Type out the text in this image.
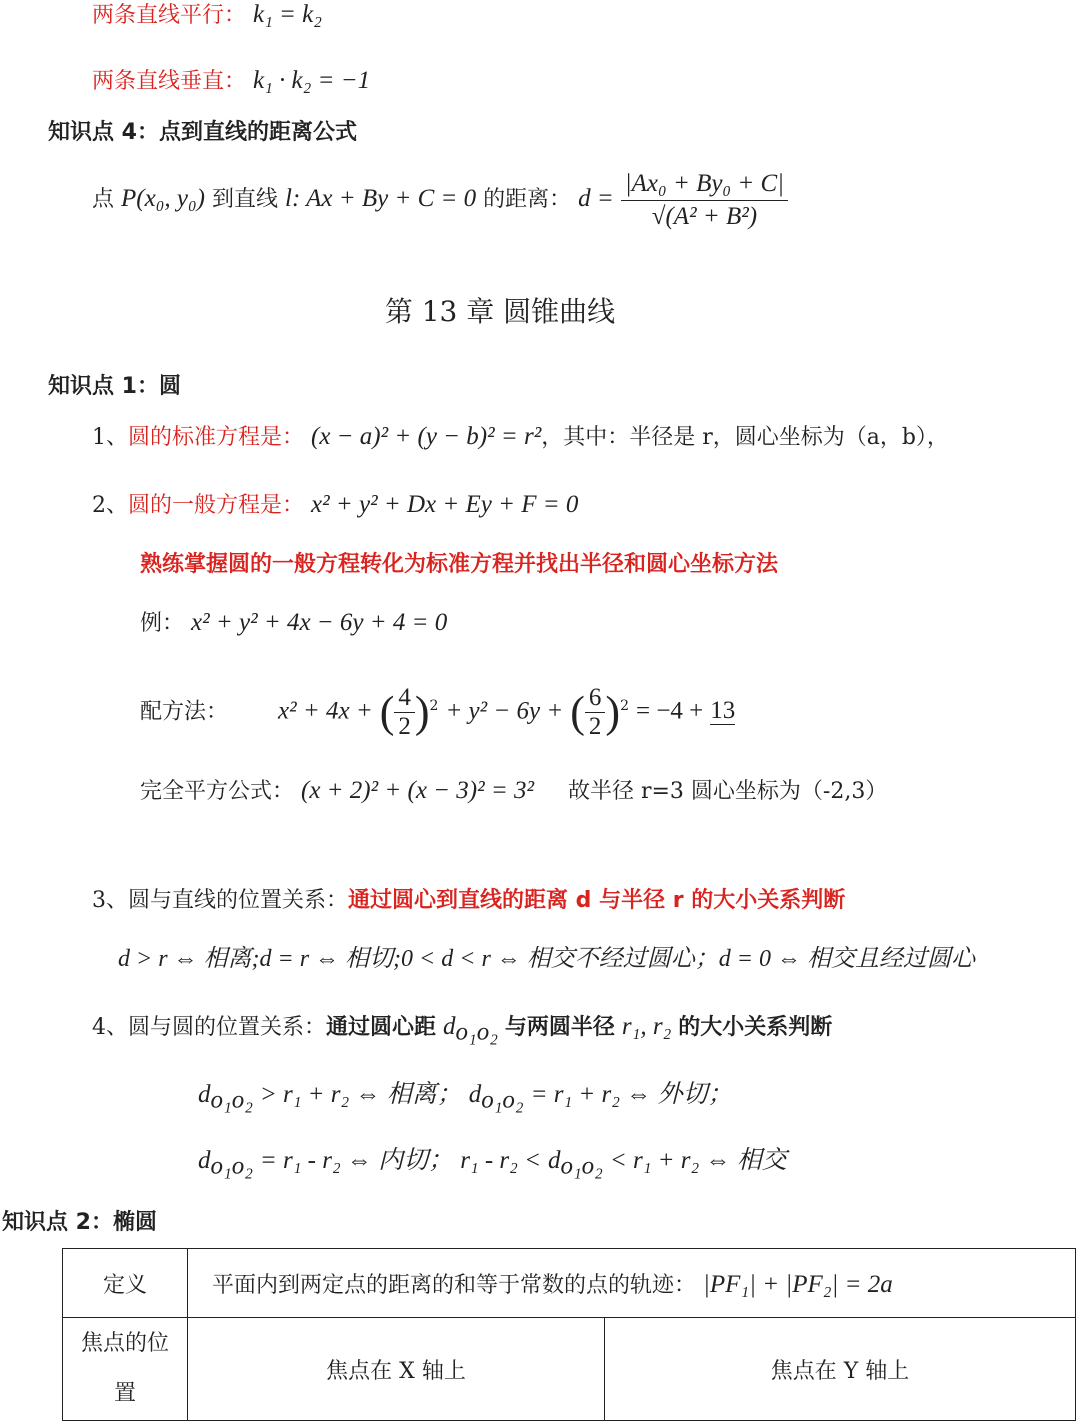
两条直线平行： k₁ = k₂
两条直线垂直： k₁ · k₂ = −1
知识点 4：点到直线的距离公式
点 P(x₀, y₀) 到直线 l: Ax + By + C = 0 的距离： $d = \frac{\text{|Ax₀ + By₀ + C|}}{\text{√(A² + B²)}}$
第 13 章 圆锥曲线
知识点 1：圆
1、圆的标准方程是： (x − a)² + (y − b)² = r²，其中：半径是 r，圆心坐标为（a，b），
2、圆的一般方程是： x² + y² + Dx + Ey + F = 0
熟练掌握圆的一般方程转化为标准方程并找出半径和圆心坐标方法
例： x² + y² + 4x − 6y + 4 = 0
配方法： x² + 4x + ( $\frac{4}{2} )^2 + y^2 - 6y$ + ( $\frac{6}{2} )^2 = -4 + 13$
完全平方公式： (x + 2)² + (x − 3)² = 3² 故半径 r=3 圆心坐标为（-2,3）
3、圆与直线的位置关系：通过圆心到直线的距离 d 与半径 r 的大小关系判断
d > r ⇔ 相离;d = r ⇔ 相切;0 < d < r ⇔ 相交不经过圆心；d = 0 ⇔ 相交且经过圆心
4、圆与圆的位置关系：通过圆心距 $d_{o_1o_2}$ 与两圆半径 r₁, r₂ 的大小关系判断
$d_{o_1o_2} > r_1 + r_2$ ⇔ 相离； $d_{o_1o_2} = r_1 + r_2$ ⇔ 外切；
$d_{o_1o_2} = r_1 - r_2$ ⇔ 内切； $r_1 - r_2 < d_{o_1o_2} < r_1 + r_2$ ⇔ 相交
知识点 2：椭圆
定义	平面内到两定点的距离的和等于常数的点的轨迹： |PF₁| + |PF₂| = 2a	
焦点的位置	焦点在 X 轴上	焦点在 Y 轴上
